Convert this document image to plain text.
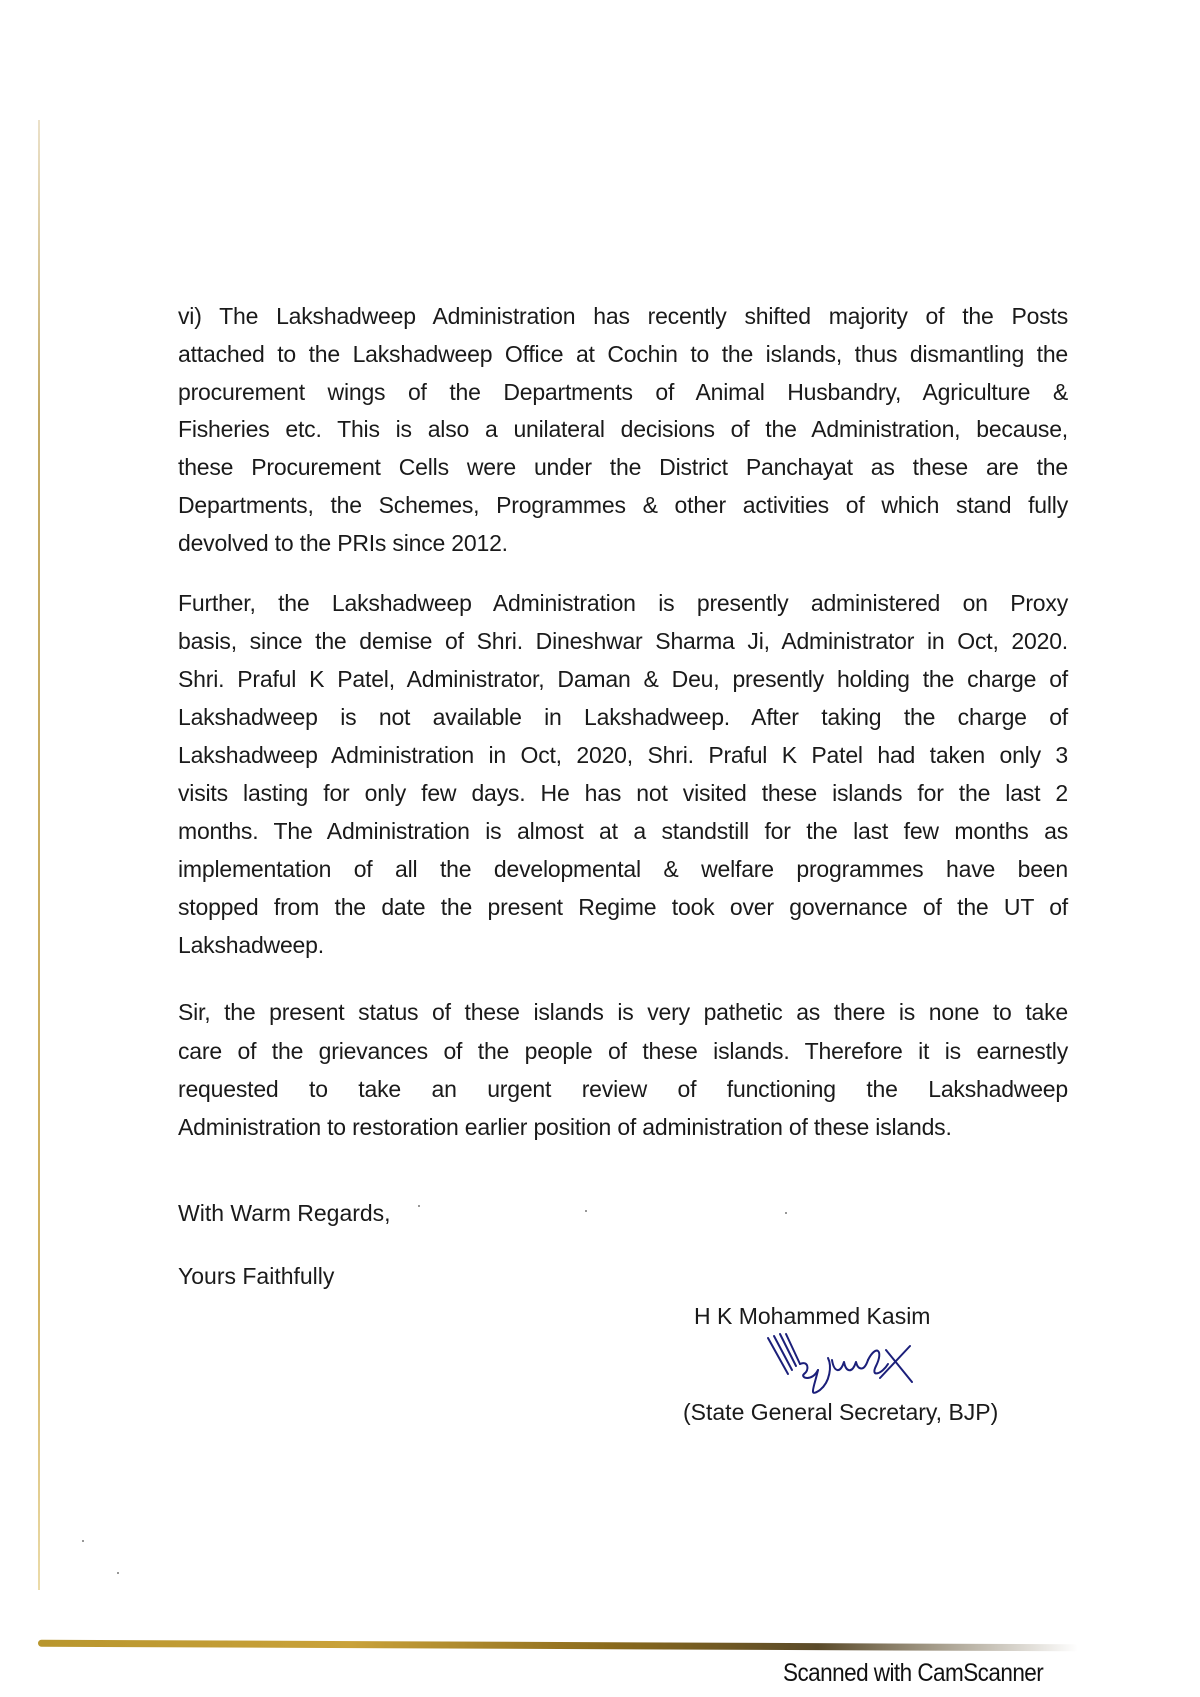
vi) The Lakshadweep Administration has recently shifted majority of the Posts
attached to the Lakshadweep Office at Cochin to the islands, thus dismantling the
procurement wings of the Departments of Animal Husbandry, Agriculture &
Fisheries etc. This is also a unilateral decisions of the Administration, because,
these Procurement Cells were under the District Panchayat as these are the
Departments, the Schemes, Programmes & other activities of which stand fully
devolved to the PRIs since 2012.
Further, the Lakshadweep Administration is presently administered on Proxy
basis, since the demise of Shri. Dineshwar Sharma Ji, Administrator in Oct, 2020.
Shri. Praful K Patel, Administrator, Daman & Deu, presently holding the charge of
Lakshadweep is not available in Lakshadweep. After taking the charge of
Lakshadweep Administration in Oct, 2020, Shri. Praful K Patel had taken only 3
visits lasting for only few days. He has not visited these islands for the last 2
months. The Administration is almost at a standstill for the last few months as
implementation of all the developmental & welfare programmes have been
stopped from the date the present Regime took over governance of the UT of
Lakshadweep.
Sir, the present status of these islands is very pathetic as there is none to take
care of the grievances of the people of these islands. Therefore it is earnestly
requested to take an urgent review of functioning the Lakshadweep
Administration to restoration earlier position of administration of these islands.
With Warm Regards,
Yours Faithfully
H K Mohammed Kasim
(State General Secretary, BJP)
Scanned with CamScanner
